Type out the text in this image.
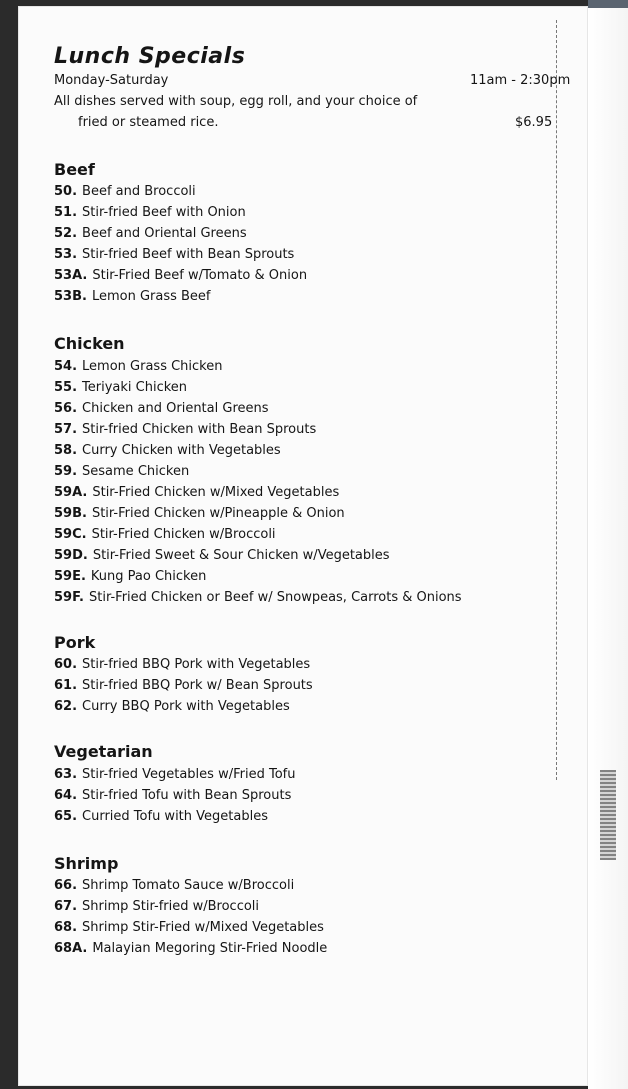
Lunch Specials
Monday-Saturday	11am - 2:30pm
All dishes served with soup, egg roll, and your choice of
fried or steamed rice.	$6.95
Beef
50. Beef and Broccoli
51. Stir-fried Beef with Onion
52. Beef and Oriental Greens
53. Stir-fried Beef with Bean Sprouts
53A. Stir-Fried Beef w/Tomato & Onion
53B. Lemon Grass Beef
Chicken
54. Lemon Grass Chicken
55. Teriyaki Chicken
56. Chicken and Oriental Greens
57. Stir-fried Chicken with Bean Sprouts
58. Curry Chicken with Vegetables
59. Sesame Chicken
59A. Stir-Fried Chicken w/Mixed Vegetables
59B. Stir-Fried Chicken w/Pineapple & Onion
59C. Stir-Fried Chicken w/Broccoli
59D. Stir-Fried Sweet & Sour Chicken w/Vegetables
59E. Kung Pao Chicken
59F. Stir-Fried Chicken or Beef w/ Snowpeas, Carrots & Onions
Pork
60. Stir-fried BBQ Pork with Vegetables
61. Stir-fried BBQ Pork w/ Bean Sprouts
62. Curry BBQ Pork with Vegetables
Vegetarian
63. Stir-fried Vegetables w/Fried Tofu
64. Stir-fried Tofu with Bean Sprouts
65. Curried Tofu with Vegetables
Shrimp
66. Shrimp Tomato Sauce w/Broccoli
67. Shrimp Stir-fried w/Broccoli
68. Shrimp Stir-Fried w/Mixed Vegetables
68A. Malayian Megoring Stir-Fried Noodle
